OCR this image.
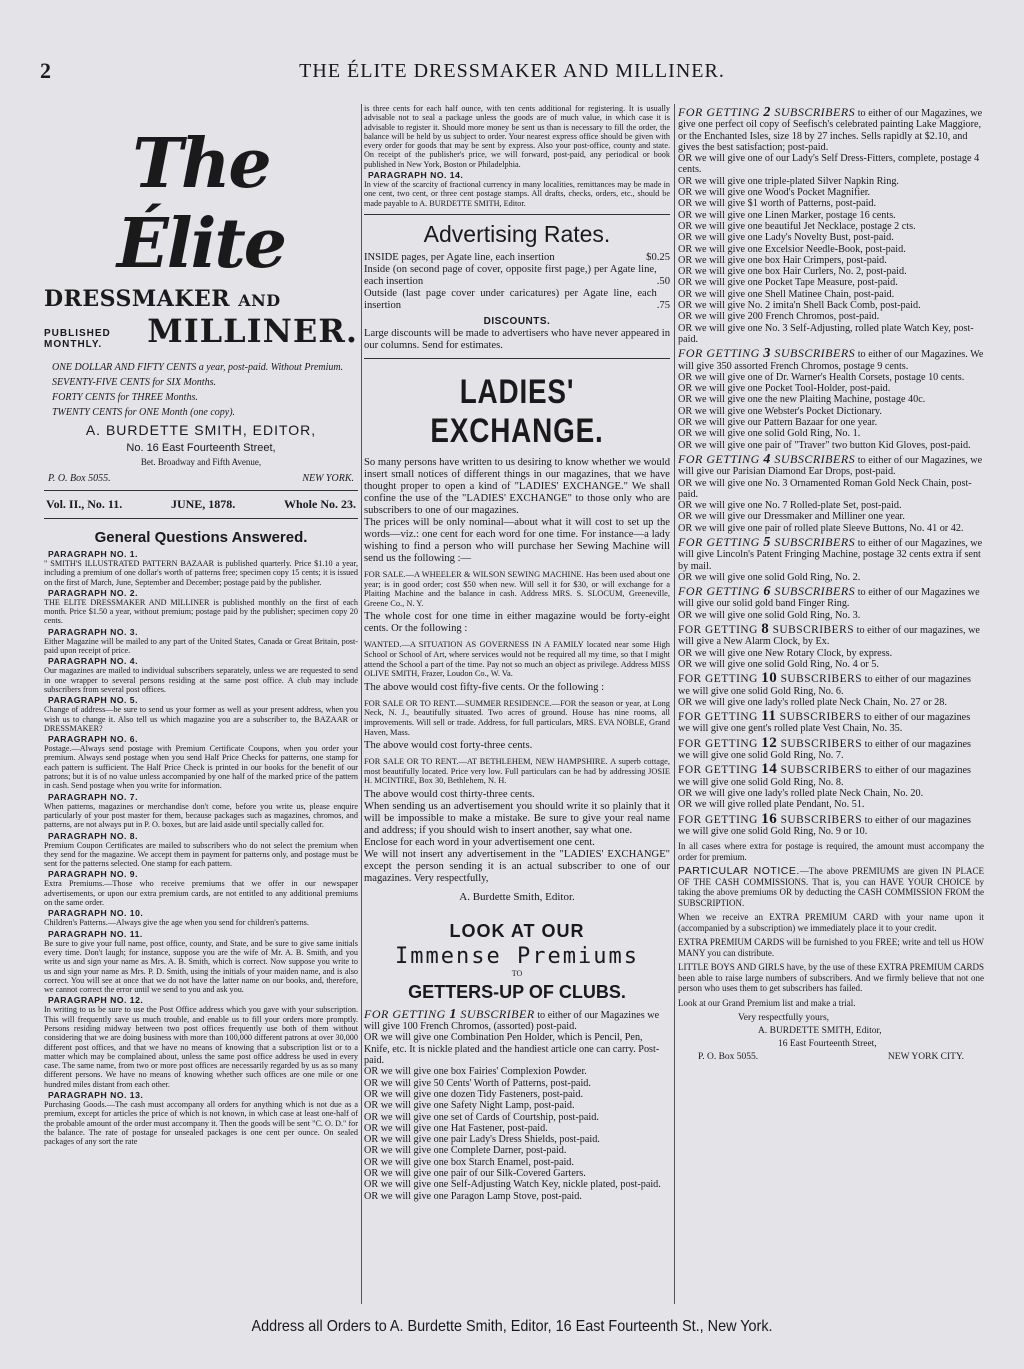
2	THE ÉLITE DRESSMAKER AND MILLINER.
The Élite
DRESSMAKER AND
PUBLISHED
MONTHLY. MILLINER.
ONE DOLLAR AND FIFTY CENTS a year, post-paid. Without Premium.
SEVENTY-FIVE CENTS for SIX Months.
FORTY CENTS for THREE Months.
TWENTY CENTS for ONE Month (one copy).
A. BURDETTE SMITH, EDITOR,
No. 16 East Fourteenth Street,
Bet. Broadway and Fifth Avenue,
P. O. Box 5055.	NEW YORK.
Vol. II., No. 11.	JUNE, 1878.	Whole No. 23.
General Questions Answered.
PARAGRAPH NO. 1.

" SMITH'S ILLUSTRATED PATTERN BAZAAR is published quarterly. Price $1.10 a year, including a premium of one dollar's worth of patterns free; specimen copy 15 cents; it is issued on the first of March, June, September and December; postage paid by the publisher.

PARAGRAPH NO. 2.

THE ELITE DRESSMAKER AND MILLINER is published monthly on the first of each month. Price $1.50 a year, without premium; postage paid by the publisher; specimen copy 20 cents.

PARAGRAPH NO. 3.

Either Magazine will be mailed to any part of the United States, Canada or Great Britain, post-paid upon receipt of price.

PARAGRAPH NO. 4.

Our magazines are mailed to individual subscribers separately, unless we are requested to send in one wrapper to several persons residing at the same post office. A club may include subscribers from several post offices.

PARAGRAPH NO. 5.

Change of address—be sure to send us your former as well as your present address, when you wish us to change it. Also tell us which magazine you are a subscriber to, the BAZAAR or DRESSMAKER?

PARAGRAPH NO. 6.

Postage.—Always send postage with Premium Certificate Coupons, when you order your premium. Always send postage when you send Half Price Checks for patterns, one stamp for each pattern is sufficient. The Half Price Check is printed in our books for the benefit of our patrons; but it is of no value unless accompanied by one half of the marked price of the pattern in cash. Send postage when you write for information.

PARAGRAPH NO. 7.

When patterns, magazines or merchandise don't come, before you write us, please enquire particularly of your post master for them, because packages such as magazines, chromos, and patterns, are not always put in P. O. boxes, but are laid aside until specially called for.

PARAGRAPH NO. 8.

Premium Coupon Certificates are mailed to subscribers who do not select the premium when they send for the magazine. We accept them in payment for patterns only, and postage must be sent for the patterns selected. One stamp for each pattern.

PARAGRAPH NO. 9.

Extra Premiums.—Those who receive premiums that we offer in our newspaper advertisements, or upon our extra premium cards, are not entitled to any additional premiums on the same order.

PARAGRAPH NO. 10.

Children's Patterns.—Always give the age when you send for children's patterns.

PARAGRAPH NO. 11.

Be sure to give your full name, post office, county, and State, and be sure to give same initials every time. Don't laugh; for instance, suppose you are the wife of Mr. A. B. Smith, and you write us and sign your name as Mrs. A. B. Smith, which is correct. Now suppose you write to us and sign your name as Mrs. P. D. Smith, using the initials of your maiden name, and is also correct. You will see at once that we do not have the latter name on our books, and, therefore, we cannot correct the error until we send to you and ask you.

PARAGRAPH NO. 12.

In writing to us be sure to use the Post Office address which you gave with your subscription. This will frequently save us much trouble, and enable us to fill your orders more promptly. Persons residing midway between two post offices frequently use both of them without considering that we are doing business with more than 100,000 different patrons at over 30,000 different post offices, and that we have no means of knowing that a subscription list or to a matter which may be complained about, unless the same post office address be used in every case. The same name, from two or more post offices are necessarily regarded by us as so many different persons. We have no means of knowing whether such offices are one mile or one hundred miles distant from each other.

PARAGRAPH NO. 13.

Purchasing Goods.—The cash must accompany all orders for anything which is not due as a premium, except for articles the price of which is not known, in which case at least one-half of the probable amount of the order must accompany it. Then the goods will be sent "C. O. D." for the balance. The rate of postage for unsealed packages is one cent per ounce. On sealed packages of any sort the rate

is three cents for each half ounce, with ten cents additional for registering. It is usually advisable not to seal a package unless the goods are of much value, in which case it is advisable to register it. Should more money be sent us than is necessary to fill the order, the balance will be held by us subject to order. Your nearest express office should be given with every order for goods that may be sent by express. Also your post-office, county and state. On receipt of the publisher's price, we will forward, post-paid, any periodical or book published in New York, Boston or Philadelphia.

PARAGRAPH NO. 14.

In view of the scarcity of fractional currency in many localities, remittances may be made in one cent, two cent, or three cent postage stamps. All drafts, checks, orders, etc., should be made payable to A. BURDETTE SMITH, Editor.

Advertising Rates.
INSIDE pages, per Agate line, each insertion	$0.25
Inside (on second page of cover, opposite first page,) per Agate line, each insertion	.50
Outside (last page cover under caricatures) per Agate line, each insertion	.75
DISCOUNTS.

Large discounts will be made to advertisers who have never appeared in our columns. Send for estimates.

LADIES' EXCHANGE.

So many persons have written to us desiring to know whether we would insert small notices of different things in our magazines, that we have thought proper to open a kind of "LADIES' EXCHANGE." We shall confine the use of the "LADIES' EXCHANGE" to those only who are subscribers to one of our magazines.

The prices will be only nominal—about what it will cost to set up the words—viz.: one cent for each word for one time. For instance—a lady wishing to find a person who will purchase her Sewing Machine will send us the following :—

FOR SALE.—A WHEELER & WILSON SEWING MACHINE. Has been used about one year; is in good order; cost $50 when new. Will sell it for $30, or will exchange for a Plaiting Machine and the balance in cash. Address MRS. S. SLOCUM, Greeneville, Greene Co., N. Y.

The whole cost for one time in either magazine would be forty-eight cents. Or the following :

WANTED.—A SITUATION AS GOVERNESS IN A FAMILY located near some High School or School of Art, where services would not be required all my time, so that I might attend the School a part of the time. Pay not so much an object as privilege. Address MISS OLIVE SMITH, Frazer, Loudon Co., W. Va.

The above would cost fifty-five cents. Or the following :

FOR SALE OR TO RENT.—SUMMER RESIDENCE.—FOR the season or year, at Long Neck, N. J., beautifully situated. Two acres of ground. House has nine rooms, all improvements. Will sell or trade. Address, for full particulars, MRS. EVA NOBLE, Grand Haven, Mass.

The above would cost forty-three cents.

FOR SALE OR TO RENT.—AT BETHLEHEM, NEW HAMPSHIRE. A superb cottage, most beautifully located. Price very low. Full particulars can be had by addressing JOSIE H. MCINTIRE, Box 30, Bethlehem, N. H.

The above would cost thirty-three cents.

When sending us an advertisement you should write it so plainly that it will be impossible to make a mistake. Be sure to give your real name and address; if you should wish to insert another, say what one.

Enclose for each word in your advertisement one cent.

We will not insert any advertisement in the "LADIES' EXCHANGE" except the person sending it is an actual subscriber to one of our magazines. Very respectfully,

A. Burdette Smith, Editor.
LOOK AT OUR
Immense Premiums
TO
GETTERS-UP OF CLUBS.

FOR GETTING 1 SUBSCRIBER to either of our Magazines we will give 100 French Chromos, (assorted) post-paid.

OR we will give one Combination Pen Holder, which is Pencil, Pen, Knife, etc. It is nickle plated and the handiest article one can carry. Post-paid.

OR we will give one box Fairies' Complexion Powder.

OR we will give 50 Cents' Worth of Patterns, post-paid.

OR we will give one dozen Tidy Fasteners, post-paid.

OR we will give one Safety Night Lamp, post-paid.

OR we will give one set of Cards of Courtship, post-paid.

OR we will give one Hat Fastener, post-paid.

OR we will give one pair Lady's Dress Shields, post-paid.

OR we will give one Complete Darner, post-paid.

OR we will give one box Starch Enamel, post-paid.

OR we will give one pair of our Silk-Covered Garters.

OR we will give one Self-Adjusting Watch Key, nickle plated, post-paid.

OR we will give one Paragon Lamp Stove, post-paid.

FOR GETTING 2 SUBSCRIBERS to either of our Magazines, we give one perfect oil copy of Seefisch's celebrated painting Lake Maggiore, or the Enchanted Isles, size 18 by 27 inches. Sells rapidly at $2.10, and gives the best satisfaction; post-paid.

OR we will give one of our Lady's Self Dress-Fitters, complete, postage 4 cents.

OR we will give one triple-plated Silver Napkin Ring.

OR we will give one Wood's Pocket Magnifier.

OR we will give $1 worth of Patterns, post-paid.

OR we will give one Linen Marker, postage 16 cents.

OR we will give one beautiful Jet Necklace, postage 2 cts.

OR we will give one Lady's Novelty Bust, post-paid.

OR we will give one Excelsior Needle-Book, post-paid.

OR we will give one box Hair Crimpers, post-paid.

OR we will give one box Hair Curlers, No. 2, post-paid.

OR we will give one Pocket Tape Measure, post-paid.

OR we will give one Shell Matinee Chain, post-paid.

OR we will give No. 2 imita'n Shell Back Comb, post-paid.

OR we will give 200 French Chromos, post-paid.

OR we will give one No. 3 Self-Adjusting, rolled plate Watch Key, post-paid.

FOR GETTING 3 SUBSCRIBERS to either of our Magazines. We will give 350 assorted French Chromos, postage 9 cents.

OR we will give one of Dr. Warner's Health Corsets, postage 10 cents.

OR we will give one Pocket Tool-Holder, post-paid.

OR we will give one the new Plaiting Machine, postage 40c.

OR we will give one Webster's Pocket Dictionary.

OR we will give our Pattern Bazaar for one year.

OR we will give one solid Gold Ring, No. 1.

OR we will give one pair of "Traver" two button Kid Gloves, post-paid.

FOR GETTING 4 SUBSCRIBERS to either of our Magazines, we will give our Parisian Diamond Ear Drops, post-paid.

OR we will give one No. 3 Ornamented Roman Gold Neck Chain, post-paid.

OR we will give one No. 7 Rolled-plate Set, post-paid.

OR we will give our Dressmaker and Milliner one year.

OR we will give one pair of rolled plate Sleeve Buttons, No. 41 or 42.

FOR GETTING 5 SUBSCRIBERS to either of our Magazines, we will give Lincoln's Patent Fringing Machine, postage 32 cents extra if sent by mail.

OR we will give one solid Gold Ring, No. 2.

FOR GETTING 6 SUBSCRIBERS to either of our Magazines we will give our solid gold band Finger Ring.

OR we will give one solid Gold Ring, No. 3.

FOR GETTING 8 SUBSCRIBERS to either of our magazines, we will give a New Alarm Clock, by Ex.

OR we will give one New Rotary Clock, by express.

OR we will give one solid Gold Ring, No. 4 or 5.

FOR GETTING 10 SUBSCRIBERS to either of our magazines we will give one solid Gold Ring, No. 6.

OR we will give one lady's rolled plate Neck Chain, No. 27 or 28.

FOR GETTING 11 SUBSCRIBERS to either of our magazines we will give one gent's rolled plate Vest Chain, No. 35.

FOR GETTING 12 SUBSCRIBERS to either of our magazines we will give one solid Gold Ring, No. 7.

FOR GETTING 14 SUBSCRIBERS to either of our magazines we will give one solid Gold Ring, No. 8.

OR we will give one lady's rolled plate Neck Chain, No. 20.

OR we will give rolled plate Pendant, No. 51.

FOR GETTING 16 SUBSCRIBERS to either of our magazines we will give one solid Gold Ring, No. 9 or 10.

In all cases where extra for postage is required, the amount must accompany the order for premium.

PARTICULAR NOTICE.—The above PREMIUMS are given IN PLACE OF THE CASH COMMISSIONS. That is, you can HAVE YOUR CHOICE by taking the above premiums OR by deducting the CASH COMMISSION FROM the SUBSCRIPTION.

When we receive an EXTRA PREMIUM CARD with your name upon it (accompanied by a subscription) we immediately place it to your credit.

EXTRA PREMIUM CARDS will be furnished to you FREE; write and tell us HOW MANY you can distribute.

LITTLE BOYS AND GIRLS have, by the use of these EXTRA PREMIUM CARDS been able to raise large numbers of subscribers. And we firmly believe that not one person who uses them to get subscribers has failed.

Look at our Grand Premium list and make a trial.

Very respectfully yours,
A. BURDETTE SMITH, Editor,
16 East Fourteenth Street,
P. O. Box 5055.	NEW YORK CITY.
Address all Orders to A. Burdette Smith, Editor, 16 East Fourteenth St., New York.
